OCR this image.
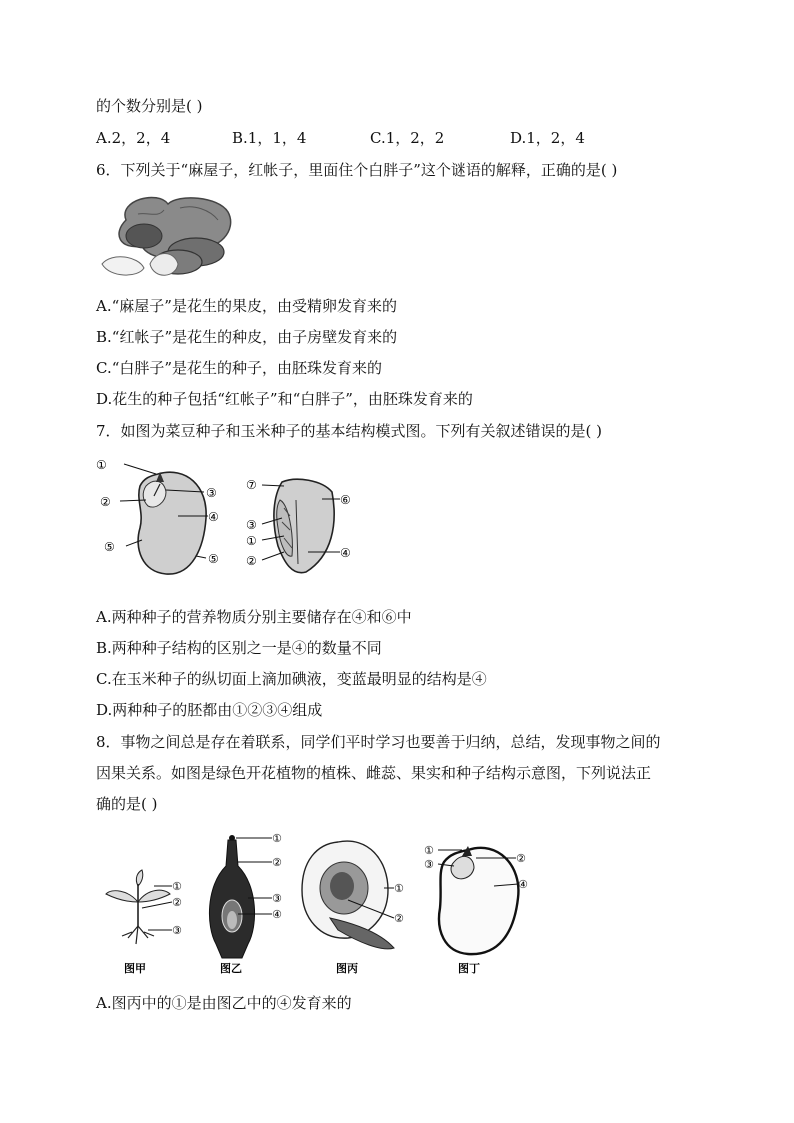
的个数分别是( )
A.2，2，4	B.1，1，4	C.1，2，2	D.1，2，4
6．下列关于“麻屋子，红帐子，里面住个白胖子”这个谜语的解释，正确的是( )
A.“麻屋子”是花生的果皮，由受精卵发育来的
B.“红帐子”是花生的种皮，由子房壁发育来的
C.“白胖子”是花生的种子，由胚珠发育来的
D.花生的种子包括“红帐子”和“白胖子”，由胚珠发育来的
7．如图为菜豆种子和玉米种子的基本结构模式图。下列有关叙述错误的是( )
①
②
③
④
⑤
⑤
⑦
⑥
③
①
②
④
A.两种种子的营养物质分别主要储存在④和⑥中
B.两种种子结构的区别之一是④的数量不同
C.在玉米种子的纵切面上滴加碘液，变蓝最明显的结构是④
D.两种种子的胚都由①②③④组成
8．事物之间总是存在着联系，同学们平时学习也要善于归纳，总结，发现事物之间的
因果关系。如图是绿色开花植物的植株、雌蕊、果实和种子结构示意图，下列说法正
确的是( )
①
②
③
图甲
①
②
③
④
图乙
①
②
图丙
①
③	②
④
图丁
A.图丙中的①是由图乙中的④发育来的
